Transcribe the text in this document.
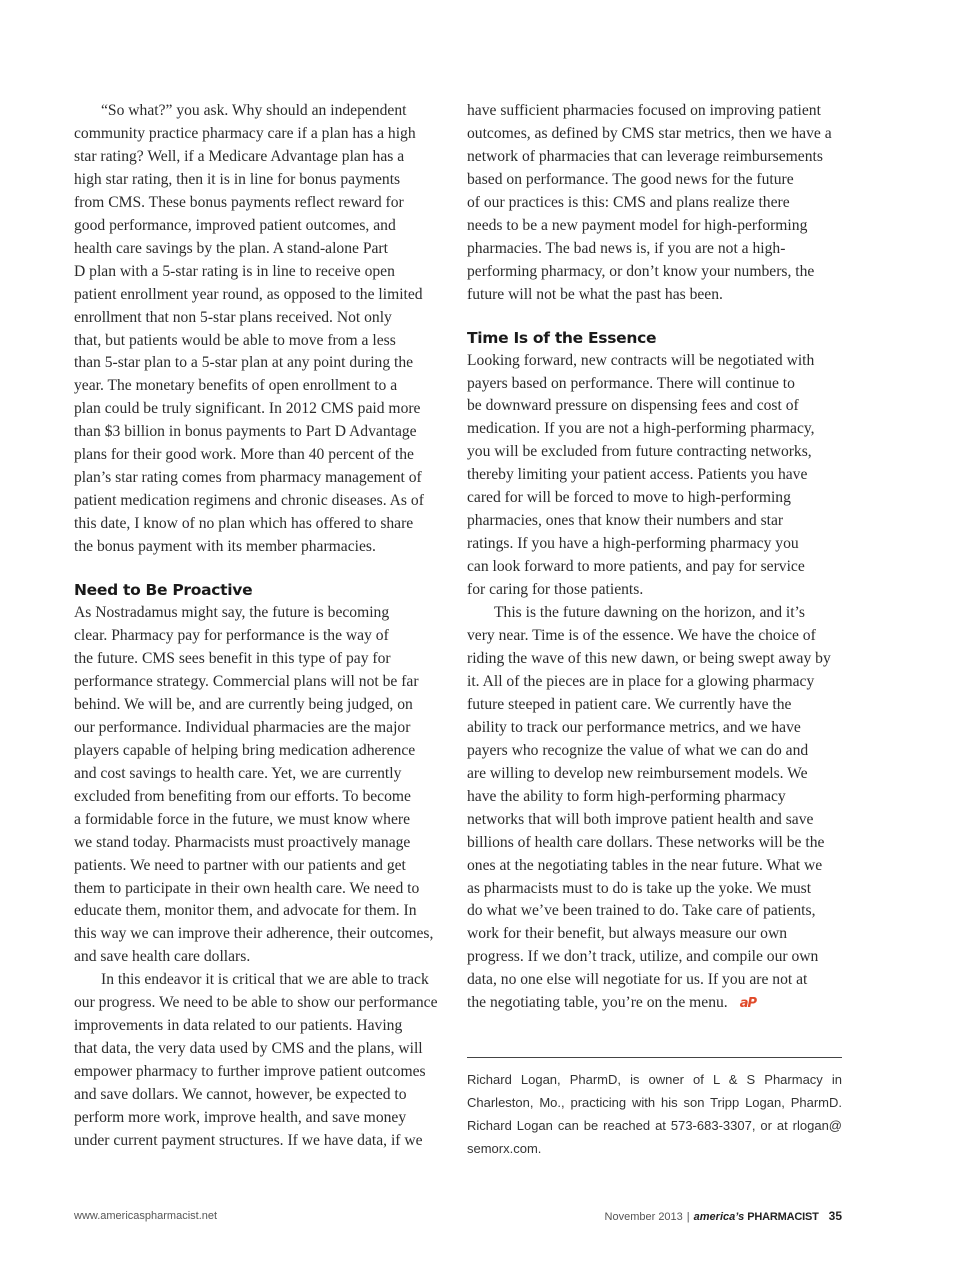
“So what?” you ask. Why should an independent

community practice pharmacy care if a plan has a high

star rating? Well, if a Medicare Advantage plan has a

high star rating, then it is in line for bonus payments

from CMS. These bonus payments reflect reward for

good performance, improved patient outcomes, and

health care savings by the plan. A stand-alone Part

D plan with a 5-star rating is in line to receive open

patient enrollment year round, as opposed to the limited

enrollment that non 5-star plans received. Not only

that, but patients would be able to move from a less

than 5-star plan to a 5-star plan at any point during the

year. The monetary benefits of open enrollment to a

plan could be truly significant. In 2012 CMS paid more

than $3 billion in bonus payments to Part D Advantage

plans for their good work. More than 40 percent of the

plan’s star rating comes from pharmacy management of

patient medication regimens and chronic diseases. As of

this date, I know of no plan which has offered to share

the bonus payment with its member pharmacies.

Need to Be Proactive

As Nostradamus might say, the future is becoming

clear. Pharmacy pay for performance is the way of

the future. CMS sees benefit in this type of pay for

performance strategy. Commercial plans will not be far

behind. We will be, and are currently being judged, on

our performance. Individual pharmacies are the major

players capable of helping bring medication adherence

and cost savings to health care. Yet, we are currently

excluded from benefiting from our efforts. To become

a formidable force in the future, we must know where

we stand today. Pharmacists must proactively manage

patients. We need to partner with our patients and get

them to participate in their own health care. We need to

educate them, monitor them, and advocate for them. In

this way we can improve their adherence, their outcomes,

and save health care dollars.

In this endeavor it is critical that we are able to track

our progress. We need to be able to show our performance

improvements in data related to our patients. Having

that data, the very data used by CMS and the plans, will

empower pharmacy to further improve patient outcomes

and save dollars. We cannot, however, be expected to

perform more work, improve health, and save money

under current payment structures. If we have data, if we

have sufficient pharmacies focused on improving patient

outcomes, as defined by CMS star metrics, then we have a

network of pharmacies that can leverage reimbursements

based on performance. The good news for the future

of our practices is this: CMS and plans realize there

needs to be a new payment model for high-performing

pharmacies. The bad news is, if you are not a high-

performing pharmacy, or don’t know your numbers, the

future will not be what the past has been.

Time Is of the Essence

Looking forward, new contracts will be negotiated with

payers based on performance. There will continue to

be downward pressure on dispensing fees and cost of

medication. If you are not a high-performing pharmacy,

you will be excluded from future contracting networks,

thereby limiting your patient access. Patients you have

cared for will be forced to move to high-performing

pharmacies, ones that know their numbers and star

ratings. If you have a high-performing pharmacy you

can look forward to more patients, and pay for service

for caring for those patients.

This is the future dawning on the horizon, and it’s

very near. Time is of the essence. We have the choice of

riding the wave of this new dawn, or being swept away by

it. All of the pieces are in place for a glowing pharmacy

future steeped in patient care. We currently have the

ability to track our performance metrics, and we have

payers who recognize the value of what we can do and

are willing to develop new reimbursement models. We

have the ability to form high-performing pharmacy

networks that will both improve patient health and save

billions of health care dollars. These networks will be the

ones at the negotiating tables in the near future. What we

as pharmacists must to do is take up the yoke. We must

do what we’ve been trained to do. Take care of patients,

work for their benefit, but always measure our own

progress. If we don’t track, utilize, and compile our own

data, no one else will negotiate for us. If you are not at

the negotiating table, you’re on the menu. aP

Richard Logan, PharmD, is owner of L & S Pharmacy in Charleston, Mo., practicing with his son Tripp Logan, PharmD. Richard Logan can be reached at 573-683-3307, or at rlogan@ semorx.com.
www.americaspharmacist.net	November 2013 | america’s PHARMACIST 35
